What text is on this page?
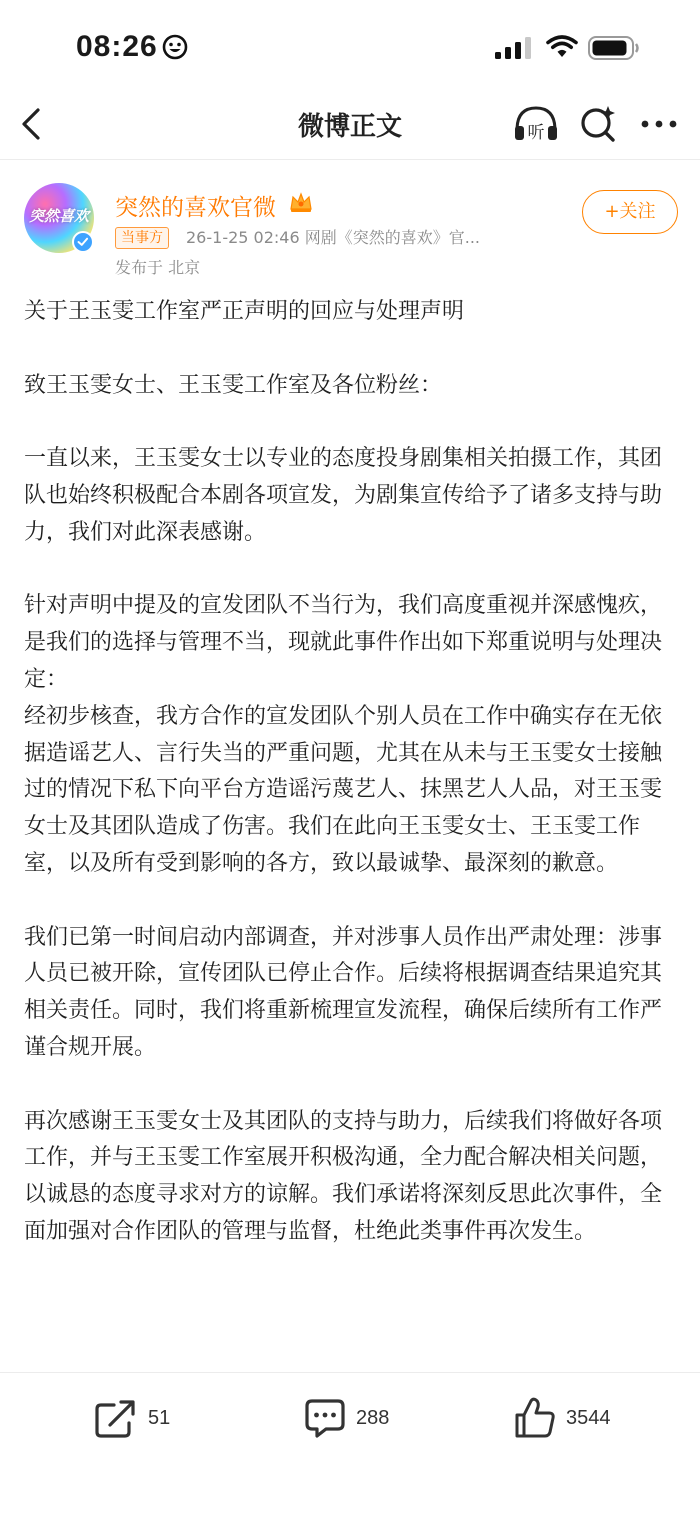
08:26
微博正文	听
突然喜欢 突然的喜欢官微
当事方	26-1-25 02:46 网剧《突然的喜欢》官...
发布于 北京
+关注

关于王玉雯工作室严正声明的回应与处理声明

致王玉雯女士、王玉雯工作室及各位粉丝：

一直以来，王玉雯女士以专业的态度投身剧集相关拍摄工作，其团队也始终积极配合本剧各项宣发，为剧集宣传给予了诸多支持与助力，我们对此深表感谢。

针对声明中提及的宣发团队不当行为，我们高度重视并深感愧疚，是我们的选择与管理不当，现就此事件作出如下郑重说明与处理决定：

经初步核查，我方合作的宣发团队个别人员在工作中确实存在无依据造谣艺人、言行失当的严重问题，尤其在从未与王玉雯女士接触过的情况下私下向平台方造谣污蔑艺人、抹黑艺人人品，对王玉雯女士及其团队造成了伤害。我们在此向王玉雯女士、王玉雯工作室，以及所有受到影响的各方，致以最诚挚、最深刻的歉意。

我们已第一时间启动内部调查，并对涉事人员作出严肃处理：涉事人员已被开除，宣传团队已停止合作。后续将根据调查结果追究其相关责任。同时，我们将重新梳理宣发流程，确保后续所有工作严谨合规开展。

再次感谢王玉雯女士及其团队的支持与助力，后续我们将做好各项工作，并与王玉雯工作室展开积极沟通，全力配合解决相关问题，以诚恳的态度寻求对方的谅解。我们承诺将深刻反思此次事件，全面加强对合作团队的管理与监督，杜绝此类事件再次发生。

51	288	3544
